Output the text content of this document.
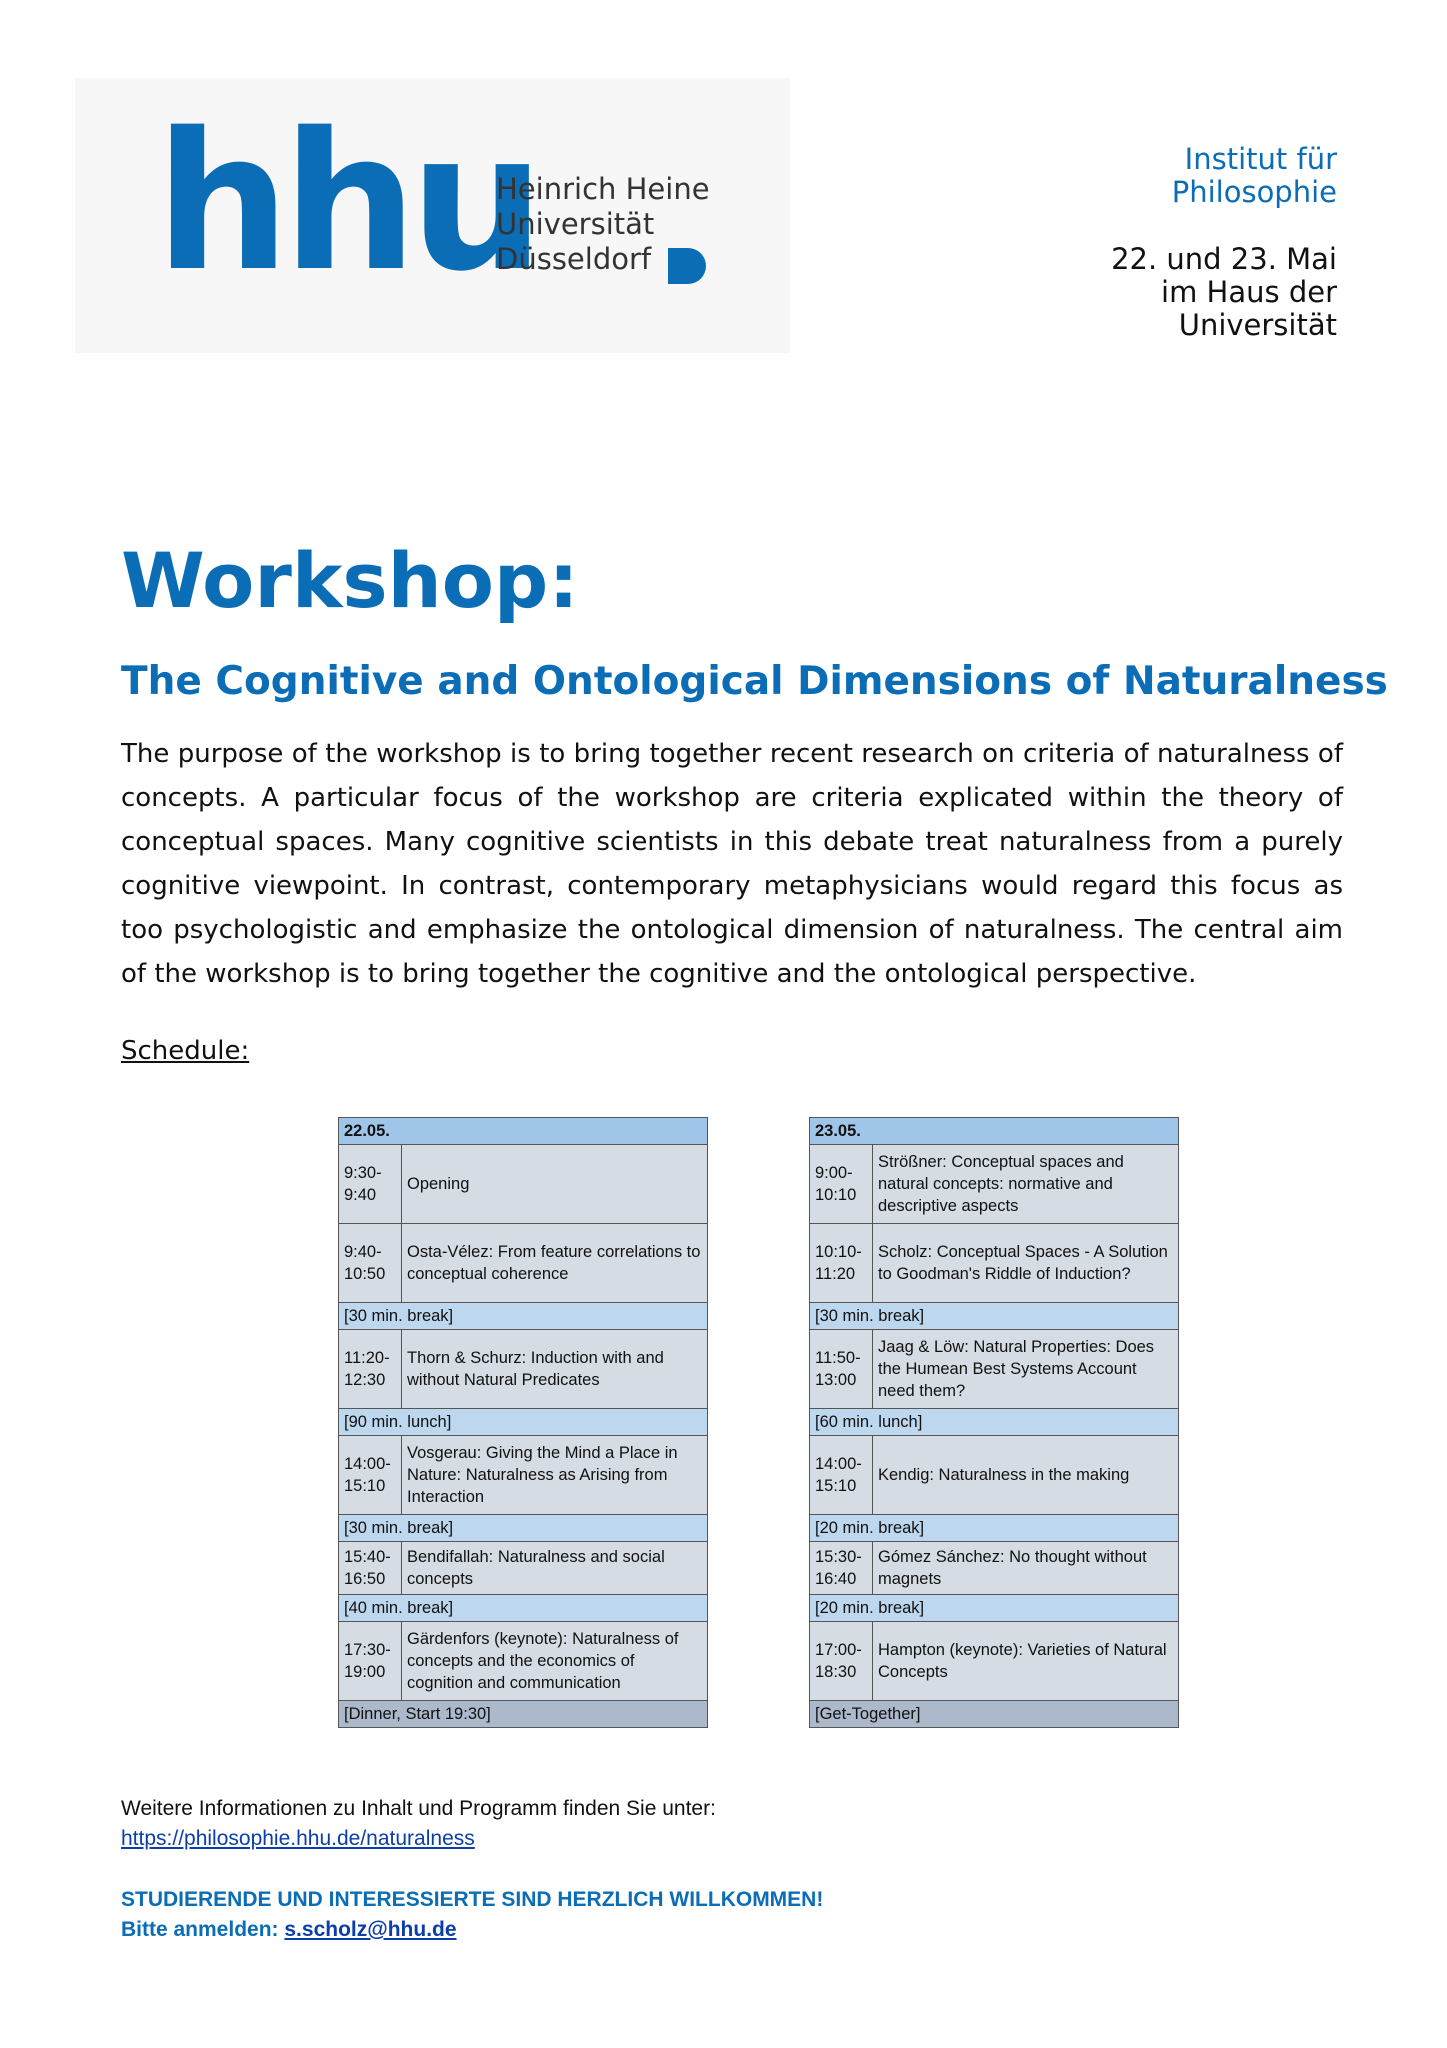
hhu
Heinrich Heine
Universität
Düsseldorf
Institut für
Philosophie
22. und 23. Mai
im Haus der
Universität
Workshop:
The Cognitive and Ontological Dimensions of Naturalness

The purpose of the workshop is to bring together recent research on criteria of naturalness of concepts. A particular focus of the workshop are criteria explicated within the theory of conceptual spaces. Many cognitive scientists in this debate treat naturalness from a purely cognitive viewpoint. In contrast, contemporary metaphysicians would regard this focus as too psychologistic and emphasize the ontological dimension of naturalness. The central aim of the workshop is to bring together the cognitive and the ontological perspective.

Schedule:
22.05.	

9:30-
9:40	Opening

9:40-
10:50	Osta-Vélez: From feature correlations to conceptual coherence
[30 min. break]	

11:20-
12:30	Thorn & Schurz: Induction with and without Natural Predicates
[90 min. lunch]	

14:00-
15:10	Vosgerau: Giving the Mind a Place in Nature: Naturalness as Arising from Interaction
[30 min. break]	

15:40-
16:50	Bendifallah: Naturalness and social concepts
[40 min. break]	

17:30-
19:00	Gärdenfors (keynote): Naturalness of concepts and the economics of cognition and communication
[Dinner, Start 19:30]	
23.05.	

9:00-
10:10	Strößner: Conceptual spaces and natural concepts: normative and descriptive aspects

10:10-
11:20	Scholz: Conceptual Spaces - A Solution to Goodman's Riddle of Induction?
[30 min. break]	

11:50-
13:00	Jaag & Löw: Natural Properties: Does the Humean Best Systems Account need them?
[60 min. lunch]	

14:00-
15:10	Kendig: Naturalness in the making
[20 min. break]	

15:30-
16:40	Gómez Sánchez: No thought without magnets
[20 min. break]	

17:00-
18:30	Hampton (keynote): Varieties of Natural Concepts
[Get-Together]	
Weitere Informationen zu Inhalt und Programm finden Sie unter:
https://philosophie.hhu.de/naturalness
STUDIERENDE UND INTERESSIERTE SIND HERZLICH WILLKOMMEN!
Bitte anmelden: s.scholz@hhu.de
